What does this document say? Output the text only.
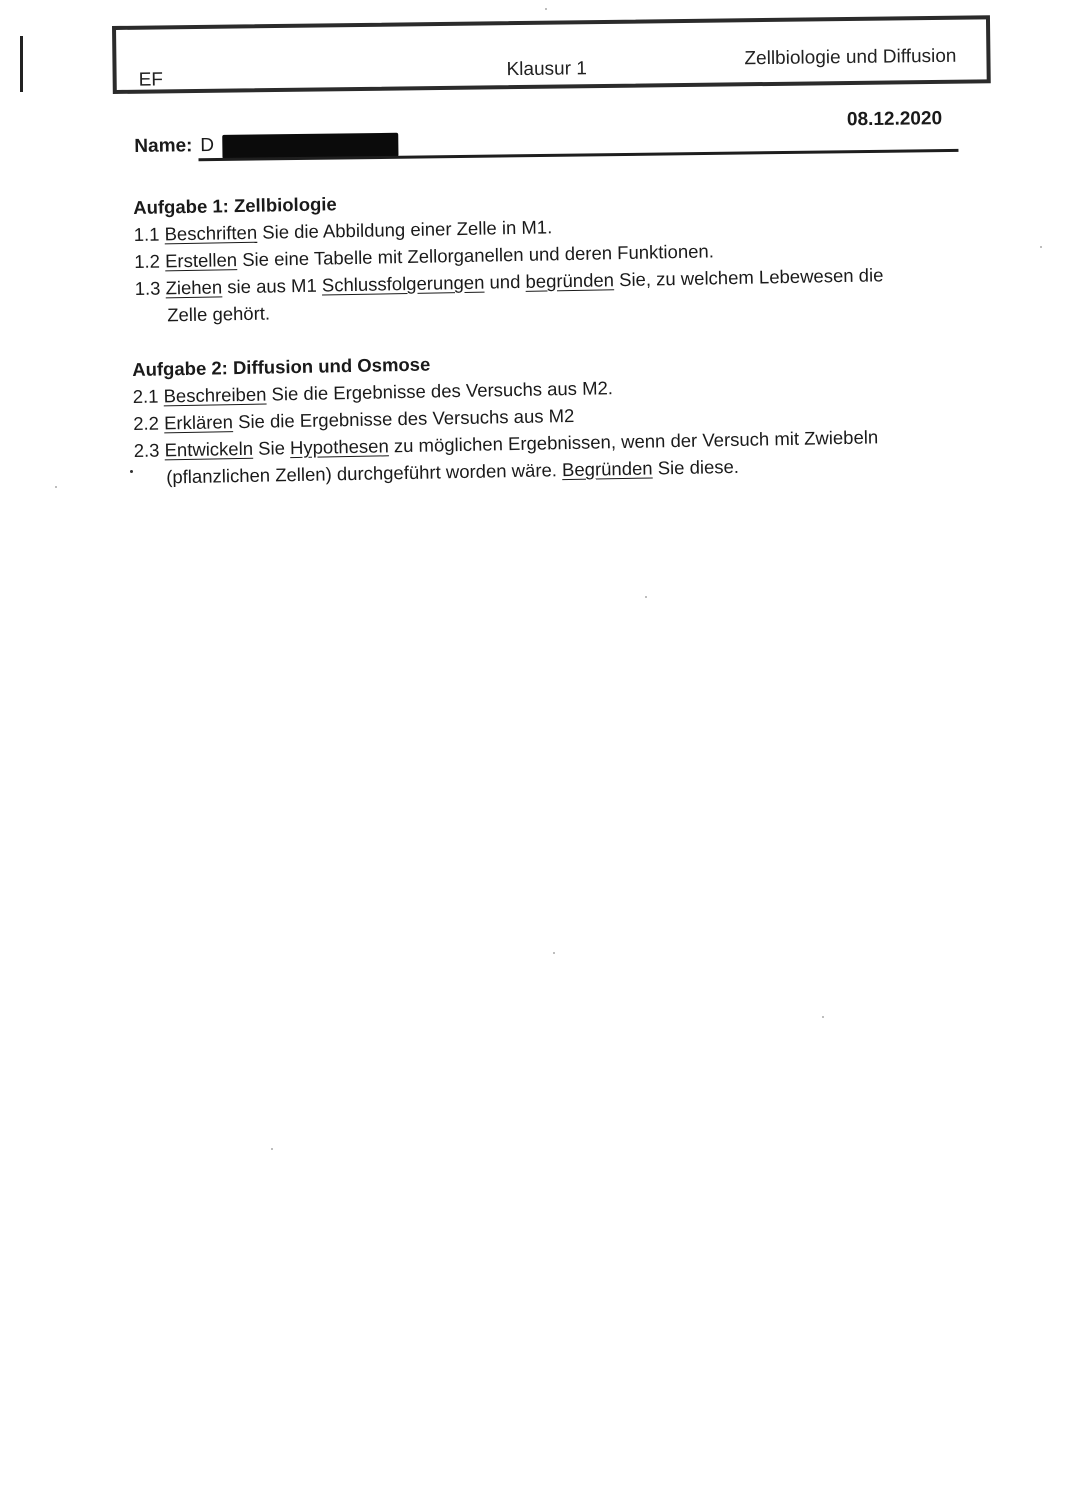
EF	Klausur 1	Zellbiologie und Diffusion
Name: D
08.12.2020
Aufgabe 1: Zellbiologie
1.1 Beschriften Sie die Abbildung einer Zelle in M1.
1.2 Erstellen Sie eine Tabelle mit Zellorganellen und deren Funktionen.
1.3 Ziehen sie aus M1 Schlussfolgerungen und begründen Sie, zu welchem Lebewesen die
Zelle gehört.
Aufgabe 2: Diffusion und Osmose
2.1 Beschreiben Sie die Ergebnisse des Versuchs aus M2.
2.2 Erklären Sie die Ergebnisse des Versuchs aus M2
2.3 Entwickeln Sie Hypothesen zu möglichen Ergebnissen, wenn der Versuch mit Zwiebeln
(pflanzlichen Zellen) durchgeführt worden wäre. Begründen Sie diese.
